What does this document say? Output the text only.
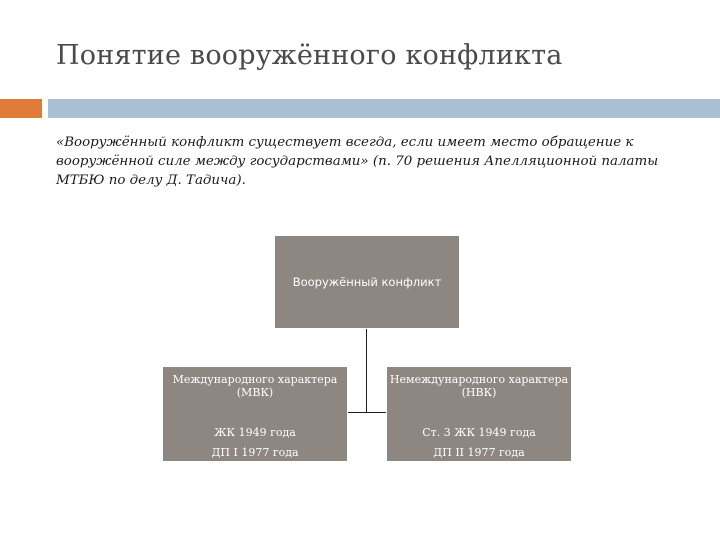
Понятие вооружённого конфликта
«Вооружённый конфликт существует всегда, если имеет место обращение к вооружённой силе между государствами» (п. 70 решения Апелляционной палаты МТБЮ по делу Д. Тадича).
Вооружённый конфликт
Международного характера
(МВК)
ЖК 1949 года
ДП I 1977 года
Немеждународного характера
(НВК)
Ст. 3 ЖК 1949 года
ДП II 1977 года
